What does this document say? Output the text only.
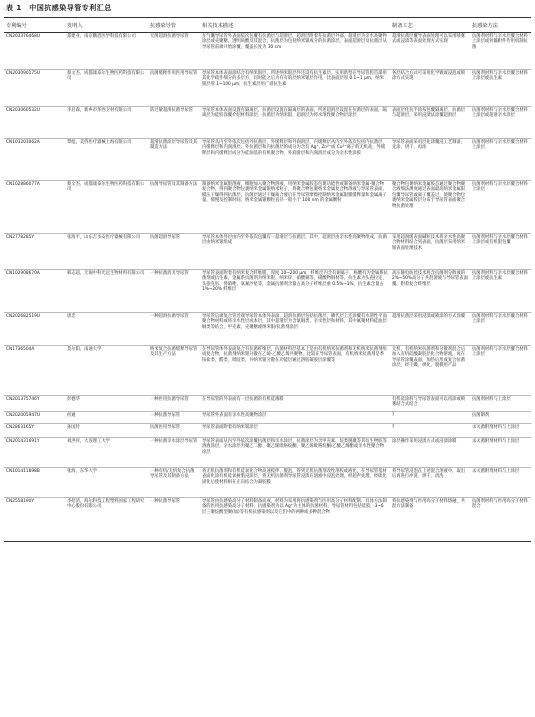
表 1　中国抗感染导管专利汇总
专利编号	发明人	抗感染导管	相关技术描述	制备工艺	抗感染方法
CN203376468U	郑建业，南京鹏恩医学科技有限公司	无菌超滑抗菌导尿管	在气囊导尿管外表面依次包覆有抗菌层与超滑层，超滑层附着在抗菌层外部，超滑层为亲水高聚物涂层或壳聚糖、透明质酸及其混合，抗菌层为包括纳米银成分的抗菌涂层，表面超滑层及抗菌层从导尿管前端开始涂覆，覆盖长度为 30 cm	超滑抗菌层覆导表面处理可以采用喷雾式或浸渍等表面处理方式实现	抗菌剂材料与亲水层覆合材料上涂层或骨髓附件作用机制抗菌
CN203090175U	蔡文杰，成都康泰尔生物医药科技有限公司	抗菌缓释作用医用导尿管	导尿管本体表面涂结合有纳米银层，所述纳米银层外还设有抗生素层。实用新型在导尿管腔首部用其化学疏作细分的多层方，同时能之后为有有的层纳米银层作用，比表面层厚 0.1~1 μm，纳米银层厚 1~100 μm，抗生素层用广谱抗生素	各层结合方式可采用化学镀或浸泡或喷涂方式实现	抗菌剂材料与亲水层覆合材料上涂层或抗生素
CN203060532U	李启森，新乡市华西卫材有限公司	防过敏超滑抗菌导尿管	导尿管本体表面设置有隔离层，抗菌层设置在隔离层的表面，所述超滑层设置在抗菌层的表面，隔离层为硅胶涂覆介绍材料涂层，抗菌层为纳米银，超滑层为将水溶性聚合物层涂层	表面层化抗半涂布包覆隔离层、抗菌层与超滑层，采用浸渍法涂覆超滑层	抗菌剂材料与亲水层覆合材料上涂层或超滑亲水涂层
CN103203062A	覃彪，美侨医疗器械上海有限公司	超滑抗菌涂层导尿管及其制造方法	导尿管从内至外依次包括外抗菌层、外缓释层和外润滑层，内缓释层从内至外依次包括内抗菌层、内缓释层和内润滑层；外抗菌层和内抗菌层的成分为含有 Ag⁺, Zn²⁺或 Cu²⁺离子的无机盐，外缓释层和内缓释层成分为硅油基的有机聚合物，外润滑层和内润滑层成分为亲水性涂胶	导尿管表面采用层化涂覆浸工艺制备，先涂、烘干、再涂	抗菌剂材料与亲水层覆合材料上涂层
CN102886077A	蔡文杰，成都康泰尔生物医药科技有限公司	抗菌导尿管及其制备方法	制备纳米金属银溶液，细胞加入聚合物溶液，用纳米金属胶态包裹功能性或制备纳米金属-聚合物复合物，得到聚合物包裹纳米金属银纳米粒子，将聚合物包裹纳米金属复合物溶液与导尿管表面，模压干燥得到抗菌层，抗菌层通过干燥离合液后在导尿管摩擦控制纳米金属银膜缓释量和金属离子量，缓慢及控制时间，纳米金属银颗粒直径一般小于 100 nm 的金属颗粒	聚合物包裹纳米金属胶态通过聚合物聚合液细法测度通过表面最高纳米金属银包覆导尿管或离子覆盖过，使聚合物包裹纳米金属胶层分布于导尿管表面聚合物抗菌处理	抗菌剂材料与亲水层覆合材料上涂层
CN2778285Y	张海平，山东吉多安医疗器械有限公司	抗菌超滑导尿管	导尿管本体外层由内至外依次包覆有一超滑层与抗菌层，其中，超滑层由亲水性高聚物组成，抗菌层由纳米银组成	采用超润缓表面碱粒技术将亲水性高聚合物材料结合到表面，抗菌层采用纳米银表面处理技术	抗菌剂材料与亲水层覆合材料上涂层或有机银包覆
CN102908670A	韩志超，无锡中科光远生物材料有限公司	一种抗菌消炎导尿管	导尿管表面附着有纳米复合纤维膜，厚度 10~200 μm，纤维层内含有铜离子、杨酸有为金属系抗菌剂或抗生素，金属系抗菌剂为纳米银、纳米锌、硝酸铜等，硝酸物铜材等，抗生素为头孢拉定、头孢克肟、替硝唑、氧氟沙星等，金属抗菌剂含量占高分子纤维层重 0.5%~1%，抗生素含量占 1%~20% 纤维层	高压静电纺丝技术将含抗菌剂分散液的 2%~50%高分子共混溶液与导尿管表面覆，附着复合纤维层	抗菌剂材料与亲水层覆合材料上涂层或抗生素
CN202682519U	唐忠	一种超滑抗菌导尿管	导尿管后端复合管近端导尿管本体外表面，超滑抗菌层包括抗菌层，碘代层上还涂覆有水溶性平面聚合物材料或将亲水性层成本层，其中超滑层为含氯铜类、亲水性层和材料，其中氟聚材料硅油层铜类等结合，甲壳素，壳聚糖或纳米银/抗菌剂涂层	超滑抗菌层采用浸渍或喷涂的方式涂覆	抗菌剂材料与亲水层覆合材料上涂层
CN1736504A	莫尔阳，南通大学	纳米复合抗菌缓释导尿管及其生产方法	在导尿管体外表面复合有抗菌纤维层，抗菌材料层基本上是由有机纳米抗菌剂和无机纳米抗菌剂组成复合物，抗菌剂纳米银分散在乙烯-乙酸乙烯共聚物，比较在导尿管表面，有机纳米抗菌剂是季铵盐类、醛类、吡啶类，并纳米银分散在功能层通过溶胶凝胶层涂覆等	无机、有机纳米抗菌剂和分散剂混合后加入有机硅酸凝胶层化合物溶液，再在导尿管涂覆表面，加热后形成复合抗菌涂层，经干燥、烘化、脱模用产品	抗菌剂材料与亲水层覆合材料上涂层
CN201375746Y	彭德华	一种医用抗菌导尿管	在导尿管的外表面有一层抗菌的有机硅薄膜	有机硅涂料与导尿管表面可以用涂或喷雾结合式结合	抗菌剂材料与上涂层
CN202005947U	何通	一种抗菌导尿管	导尿管外表面有亲水性高聚物涂层	?	抗菌制剂
CN2863165Y	孙国付	抗菌医用导尿管	导尿管表面附着有纳米银涂层	?	杀灭菌附剂材料与上涂层
CN201431691Y	刘洪祥，大连理工大学	一种抗菌亲水涂层导尿管	导尿管表面从内至外依次涂覆抗菌层和亲水涂层，抗菌涂层为含甲壳素、烷类脱聚等其衍生物胶等溶液涂层，亲水涂层为聚乙二醇、聚乙烯吡咯烷酮，聚乙烯吡咯烷酮/乙酸乙烯酯或亲水性聚合物涂层	涂层操作采用浸渍方式或浸渍涂膜	杀灭菌附剂材料与上涂层
CN101411898B	张海，东华大学	一种有机/无机复合抗菌导尿管及其制备方法	将无机抗菌剂和有机硅氧化合物高速搅拌、脱泡，得到无机抗菌剂改性溶胶或液化，在导尿管基材表面化涂有机硅氧树脂浸涂层，将无机抗菌剂导尿管浸渍在溶液中浸泡处理，经超声处理，经硫化固化后使材料相在正向结合为凝胶膜	将导尿管浸泡在上述混合溶液中，取出后再进行冲洗、烘干、清洗	杀灭菌附剂材料与上涂层
CN2558190Y	李招清，海尔科技工程塑料国家工程研究中心股份有限公司	一种抗菌导尿管	导尿管由抗感染高分子材料制备而成，材料为采用将抗感染剂与医用高分子材料配制，具体方法制备的医用抗感染高分子材料，抗感染剂为以 Ag⁺为主体的抗菌材料，导尿管材料包括硅胶，3~6 层三聚烷酸型聚(加)等有机抗感染剂以及它们中的两种或多种混合物	将抗感染剂与医用高分子材料熔融，共混方法制备	抗菌剂材料与医用高分子材料混合
